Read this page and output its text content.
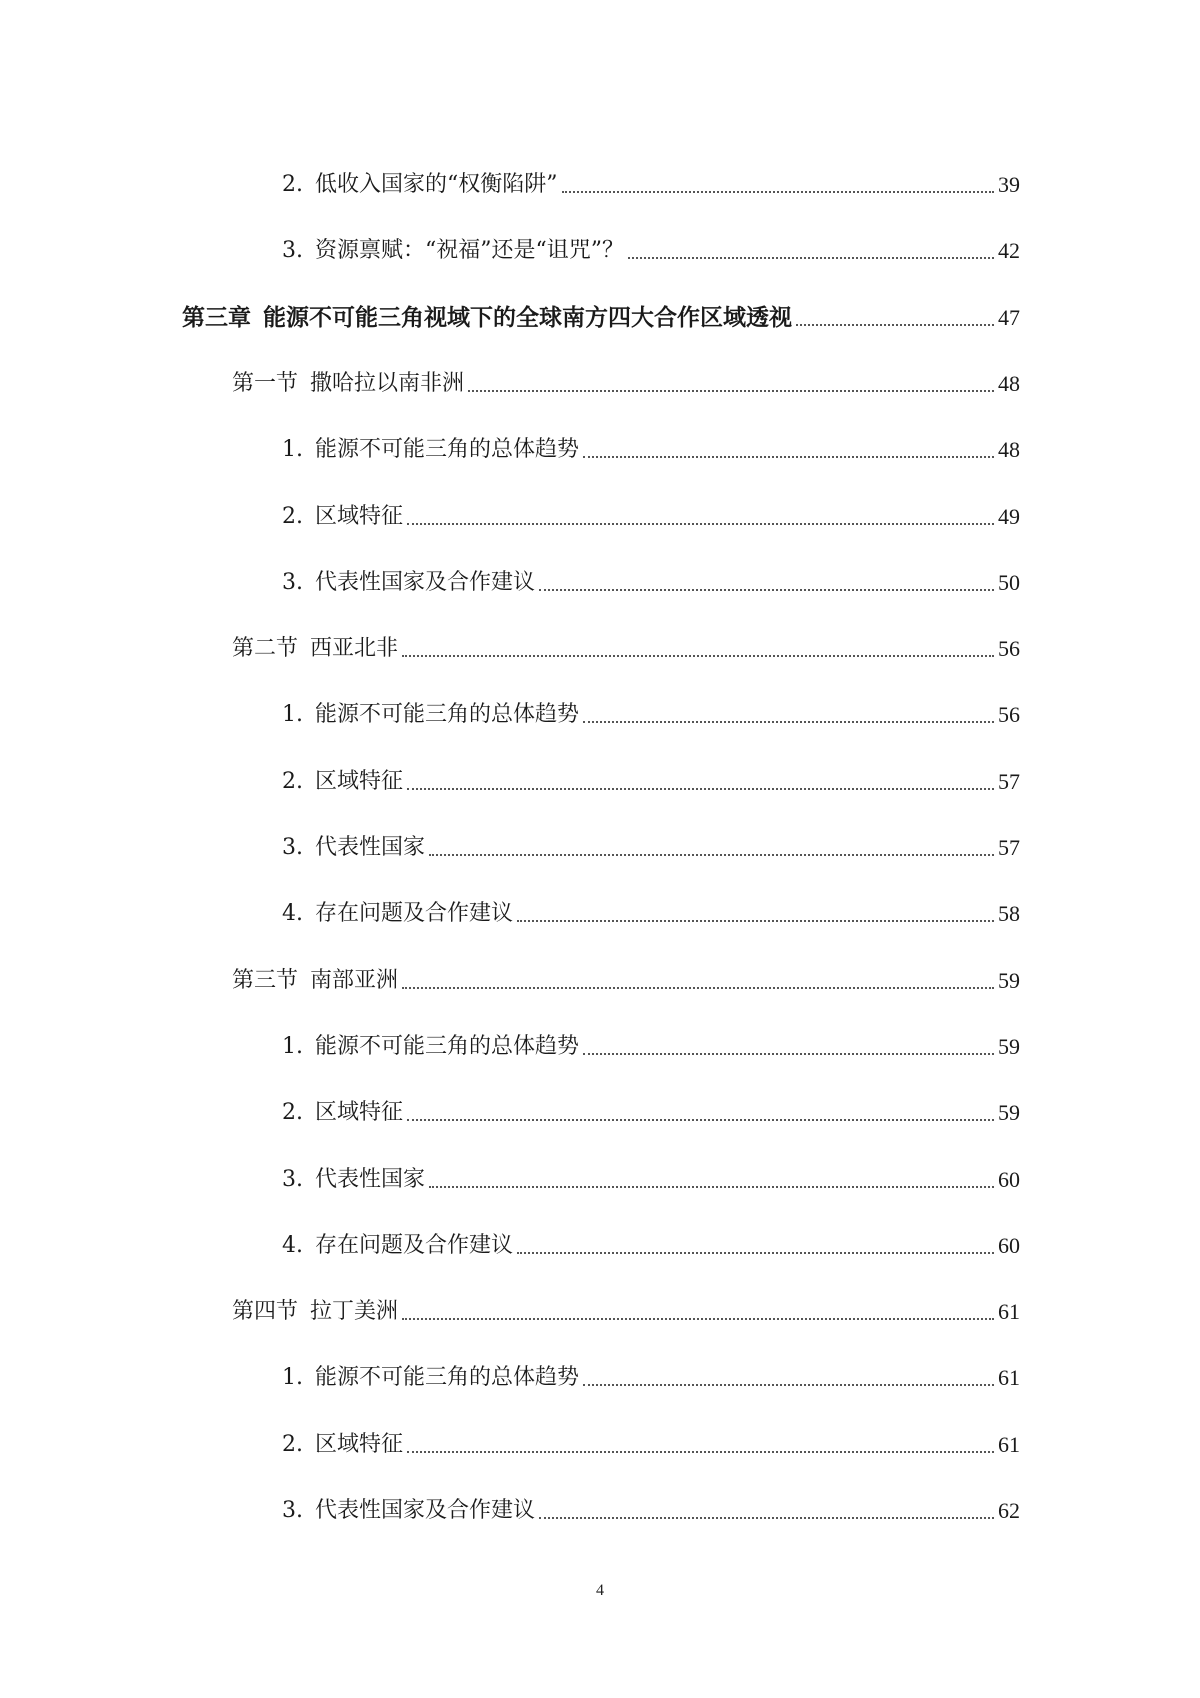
2. 低收入国家的“权衡陷阱”	39
3. 资源禀赋：“祝福”还是“诅咒”？	42
第三章 能源不可能三角视域下的全球南方四大合作区域透视	47
第一节 撒哈拉以南非洲	48
1. 能源不可能三角的总体趋势	48
2. 区域特征	49
3. 代表性国家及合作建议	50
第二节 西亚北非	56
1. 能源不可能三角的总体趋势	56
2. 区域特征	57
3. 代表性国家	57
4. 存在问题及合作建议	58
第三节 南部亚洲	59
1. 能源不可能三角的总体趋势	59
2. 区域特征	59
3. 代表性国家	60
4. 存在问题及合作建议	60
第四节 拉丁美洲	61
1. 能源不可能三角的总体趋势	61
2. 区域特征	61
3. 代表性国家及合作建议	62
4
